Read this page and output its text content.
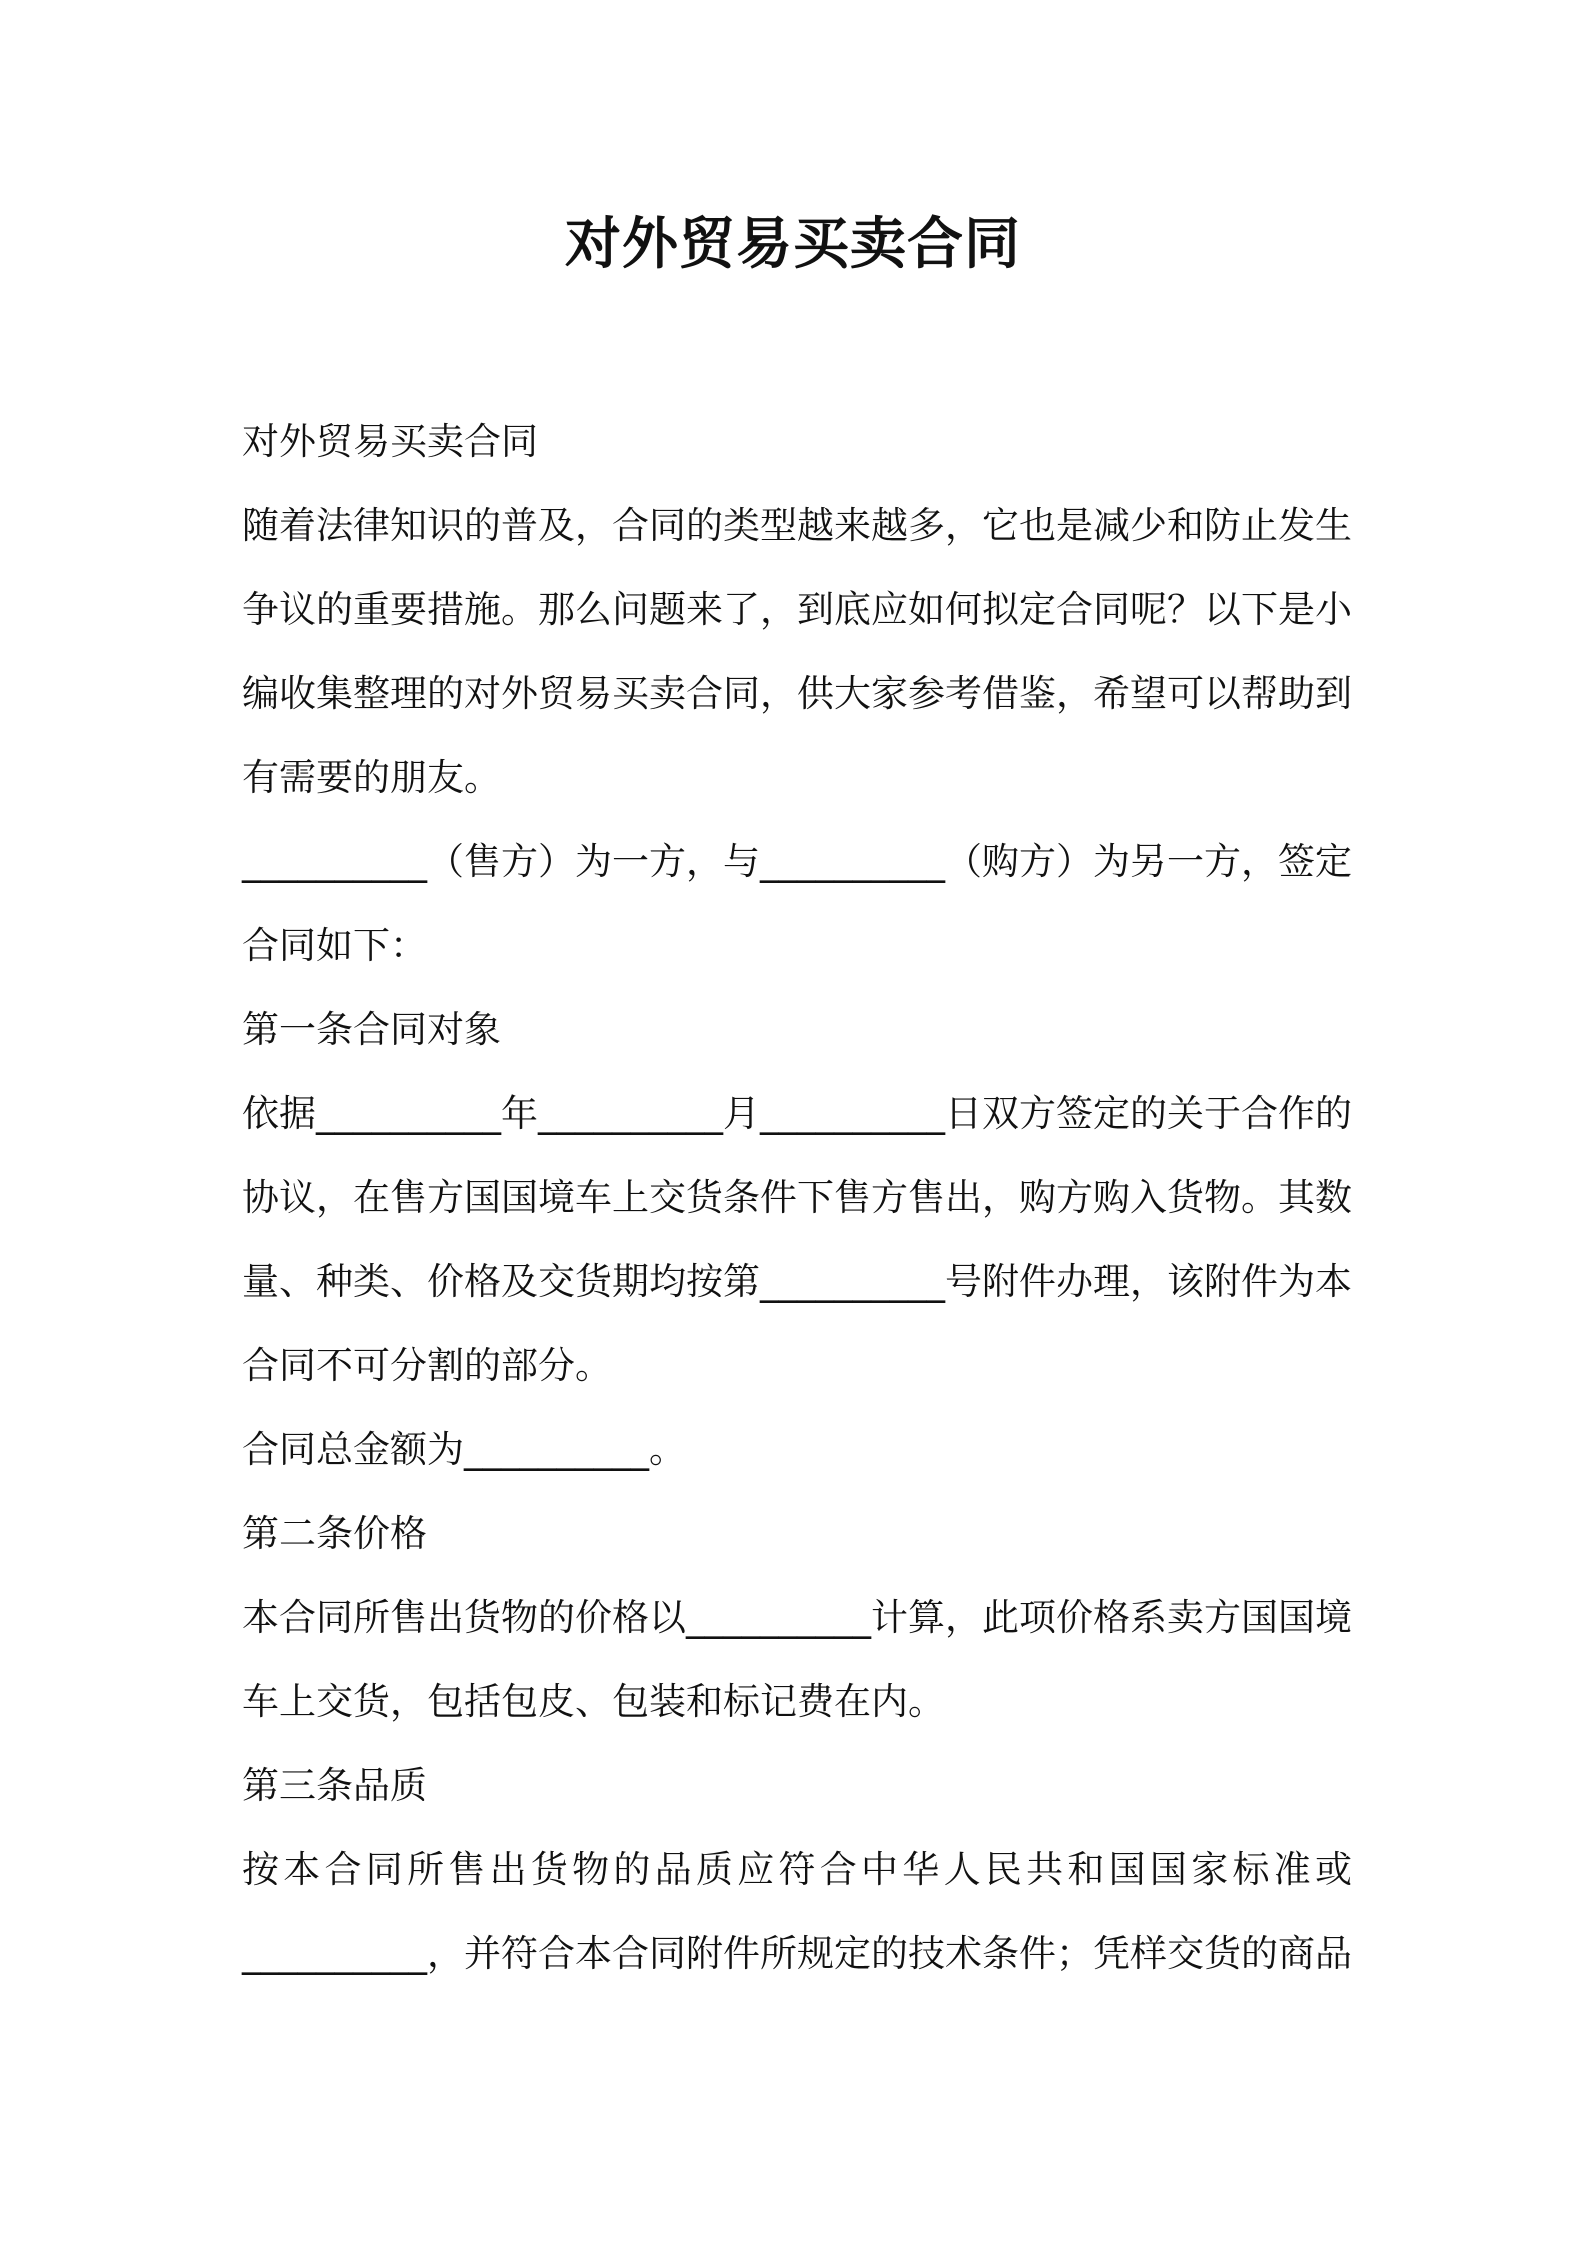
对外贸易买卖合同

对外贸易买卖合同

随着法律知识的普及，合同的类型越来越多，它也是减少和防止发生争议的重要措施。那么问题来了，到底应如何拟定合同呢？以下是小编收集整理的对外贸易买卖合同，供大家参考借鉴，希望可以帮助到有需要的朋友。

__________（售方）为一方，与__________（购方）为另一方，签定合同如下：

第一条合同对象

依据__________年__________月__________日双方签定的关于合作的协议，在售方国国境车上交货条件下售方售出，购方购入货物。其数量、种类、价格及交货期均按第__________号附件办理，该附件为本合同不可分割的部分。

合同总金额为__________。

第二条价格

本合同所售出货物的价格以__________计算，此项价格系卖方国国境车上交货，包括包皮、包装和标记费在内。

第三条品质

按本合同所售出货物的品质应符合中华人民共和国国家标准或__________，并符合本合同附件所规定的技术条件；凭样交货的商品
